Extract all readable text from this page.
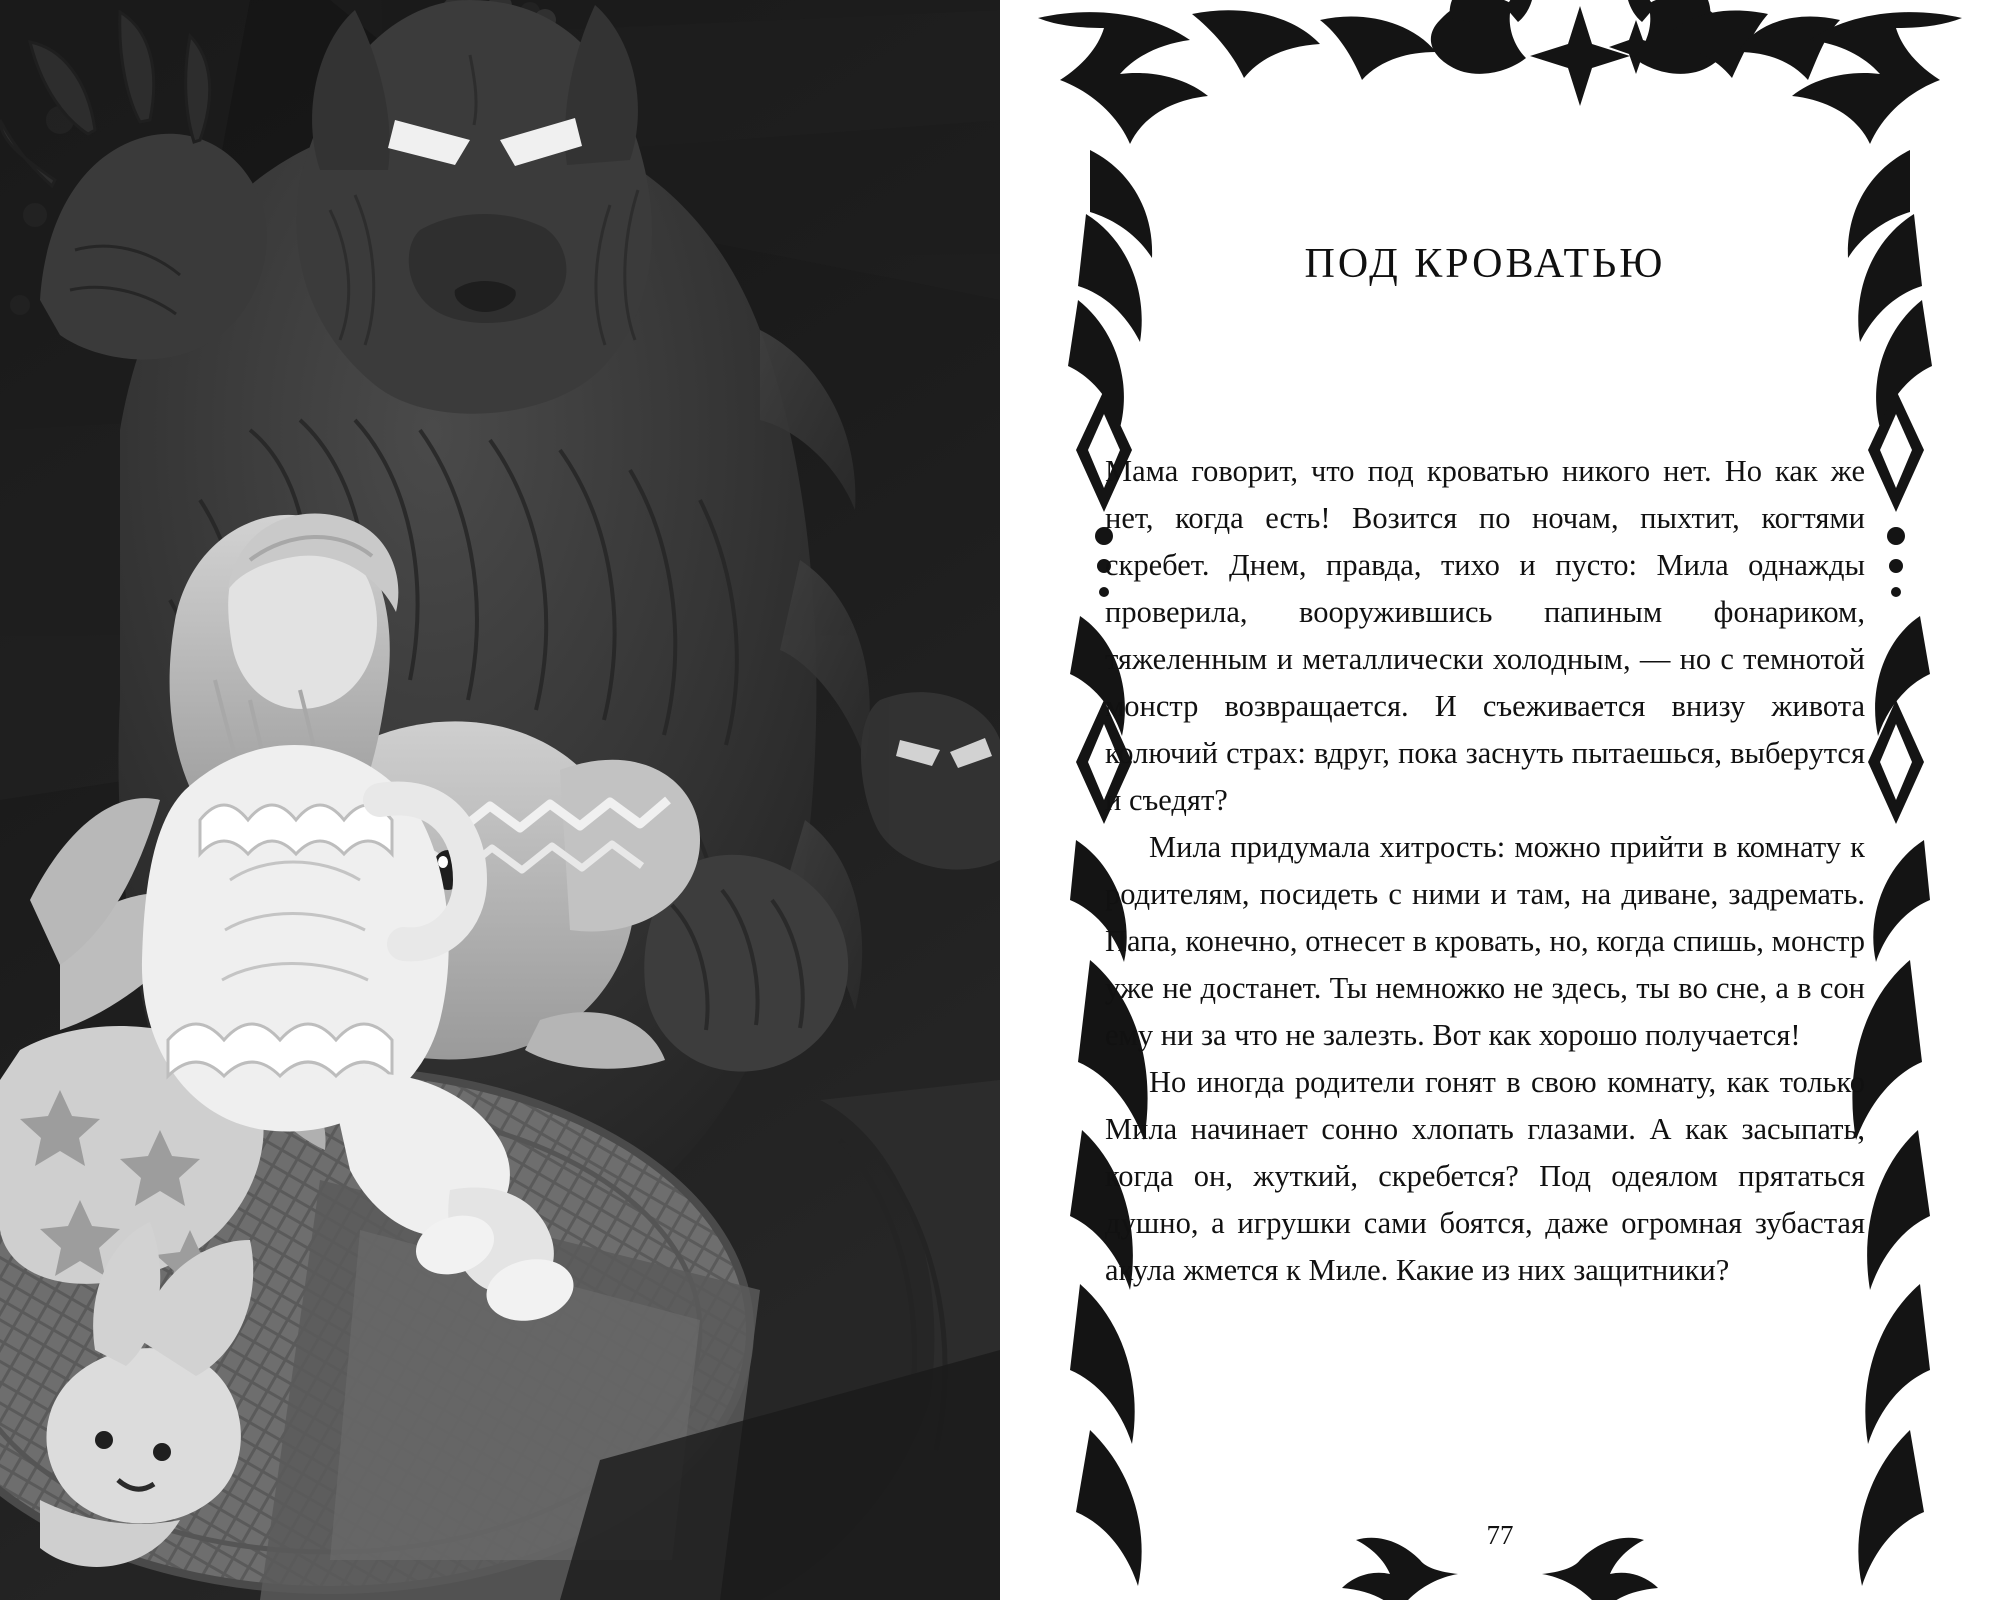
ПОД КРОВАТЬЮ

Мама говорит, что под кроватью никого нет. Но как же нет, когда есть! Возится по ночам, пыхтит, когтями скребет. Днем, правда, тихо и пусто: Мила однажды проверила, вооружившись папиным фонариком, тяжеленным и металлически холодным, — но с темнотой монстр возвращается. И съеживается внизу живота колючий страх: вдруг, пока заснуть пытаешься, выберутся и съедят?

Мила придумала хитрость: можно прийти в комнату к родителям, посидеть с ними и там, на диване, задремать. Папа, конечно, отнесет в кровать, но, когда спишь, монстр уже не достанет. Ты немножко не здесь, ты во сне, а в сон ему ни за что не залезть. Вот как хорошо получается!

Но иногда родители гонят в свою комнату, как только Мила начинает сонно хлопать глазами. А как засыпать, когда он, жуткий, скребется? Под одеялом прятаться душно, а игрушки сами боятся, даже огромная зубастая акула жмется к Миле. Какие из них защитники?

77
